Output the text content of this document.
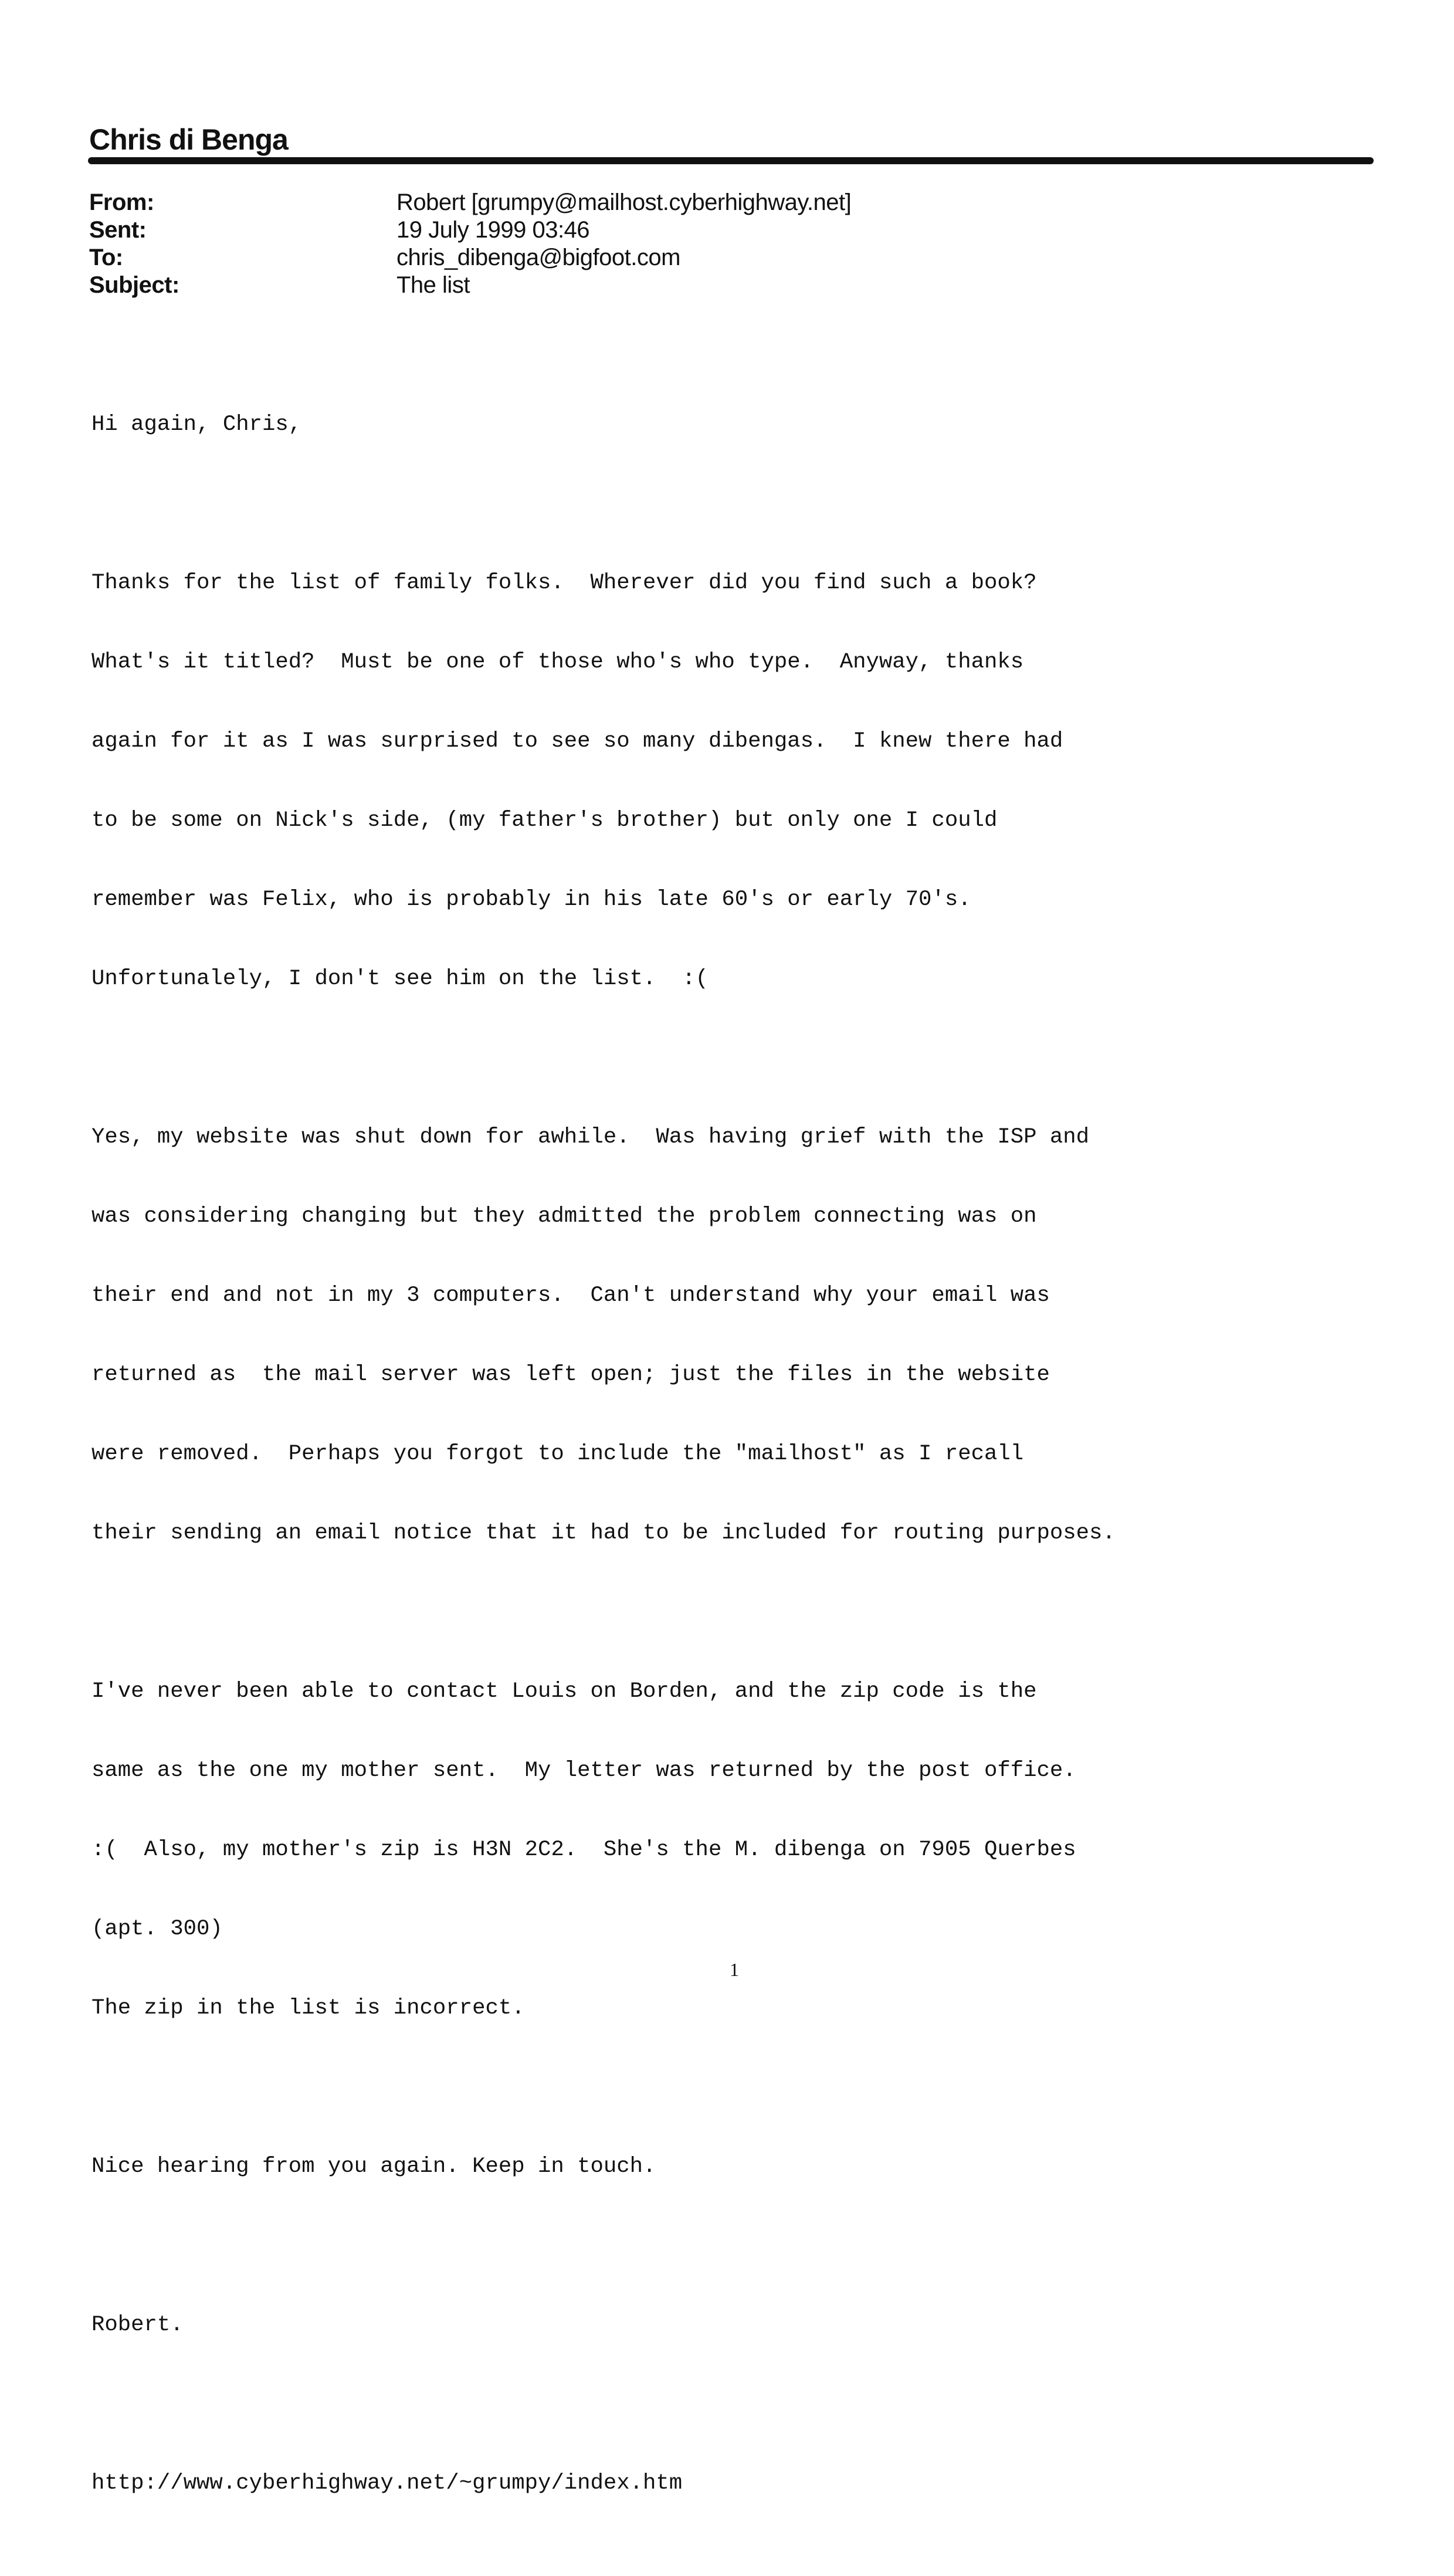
Chris di Benga
From:
Sent:
To:
Subject:
Robert [grumpy@mailhost.cyberhighway.net]
19 July 1999 03:46
chris_dibenga@bigfoot.com
The list

Hi again, Chris,

Thanks for the list of family folks.  Wherever did you find such a book?

What's it titled?  Must be one of those who's who type.  Anyway, thanks

again for it as I was surprised to see so many dibengas.  I knew there had

to be some on Nick's side, (my father's brother) but only one I could

remember was Felix, who is probably in his late 60's or early 70's.

Unfortunalely, I don't see him on the list.  :(

Yes, my website was shut down for awhile.  Was having grief with the ISP and

was considering changing but they admitted the problem connecting was on

their end and not in my 3 computers.  Can't understand why your email was

returned as  the mail server was left open; just the files in the website

were removed.  Perhaps you forgot to include the "mailhost" as I recall

their sending an email notice that it had to be included for routing purposes.

I've never been able to contact Louis on Borden, and the zip code is the

same as the one my mother sent.  My letter was returned by the post office.

:(  Also, my mother's zip is H3N 2C2.  She's the M. dibenga on 7905 Querbes

(apt. 300)

The zip in the list is incorrect.

Nice hearing from you again. Keep in touch.

Robert.

http://www.cyberhighway.net/~grumpy/index.htm

1
